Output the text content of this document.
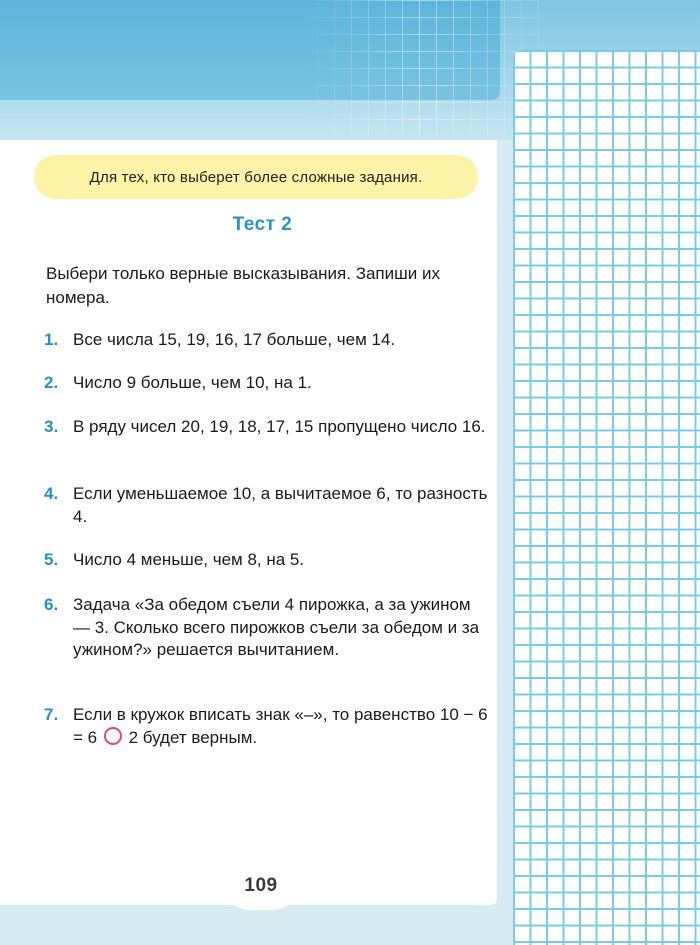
Для тех, кто выберет более сложные задания.
Тест 2
Выбери только верные высказывания. Запиши их номера.
1. Все числа 15, 19, 16, 17 больше, чем 14.
2. Число 9 больше, чем 10, на 1.
3. В ряду чисел 20, 19, 18, 17, 15 пропущено число 16.
4. Если уменьшаемое 10, а вычитаемое 6, то разность 4.
5. Число 4 меньше, чем 8, на 5.
6. Задача «За обедом съели 4 пирожка, а за ужином — 3. Сколько всего пирожков съели за обедом и за ужином?» решается вычитанием.
7. Если в кружок вписать знак «–», то равенство 10 − 6 = 6 2 будет верным.
109
